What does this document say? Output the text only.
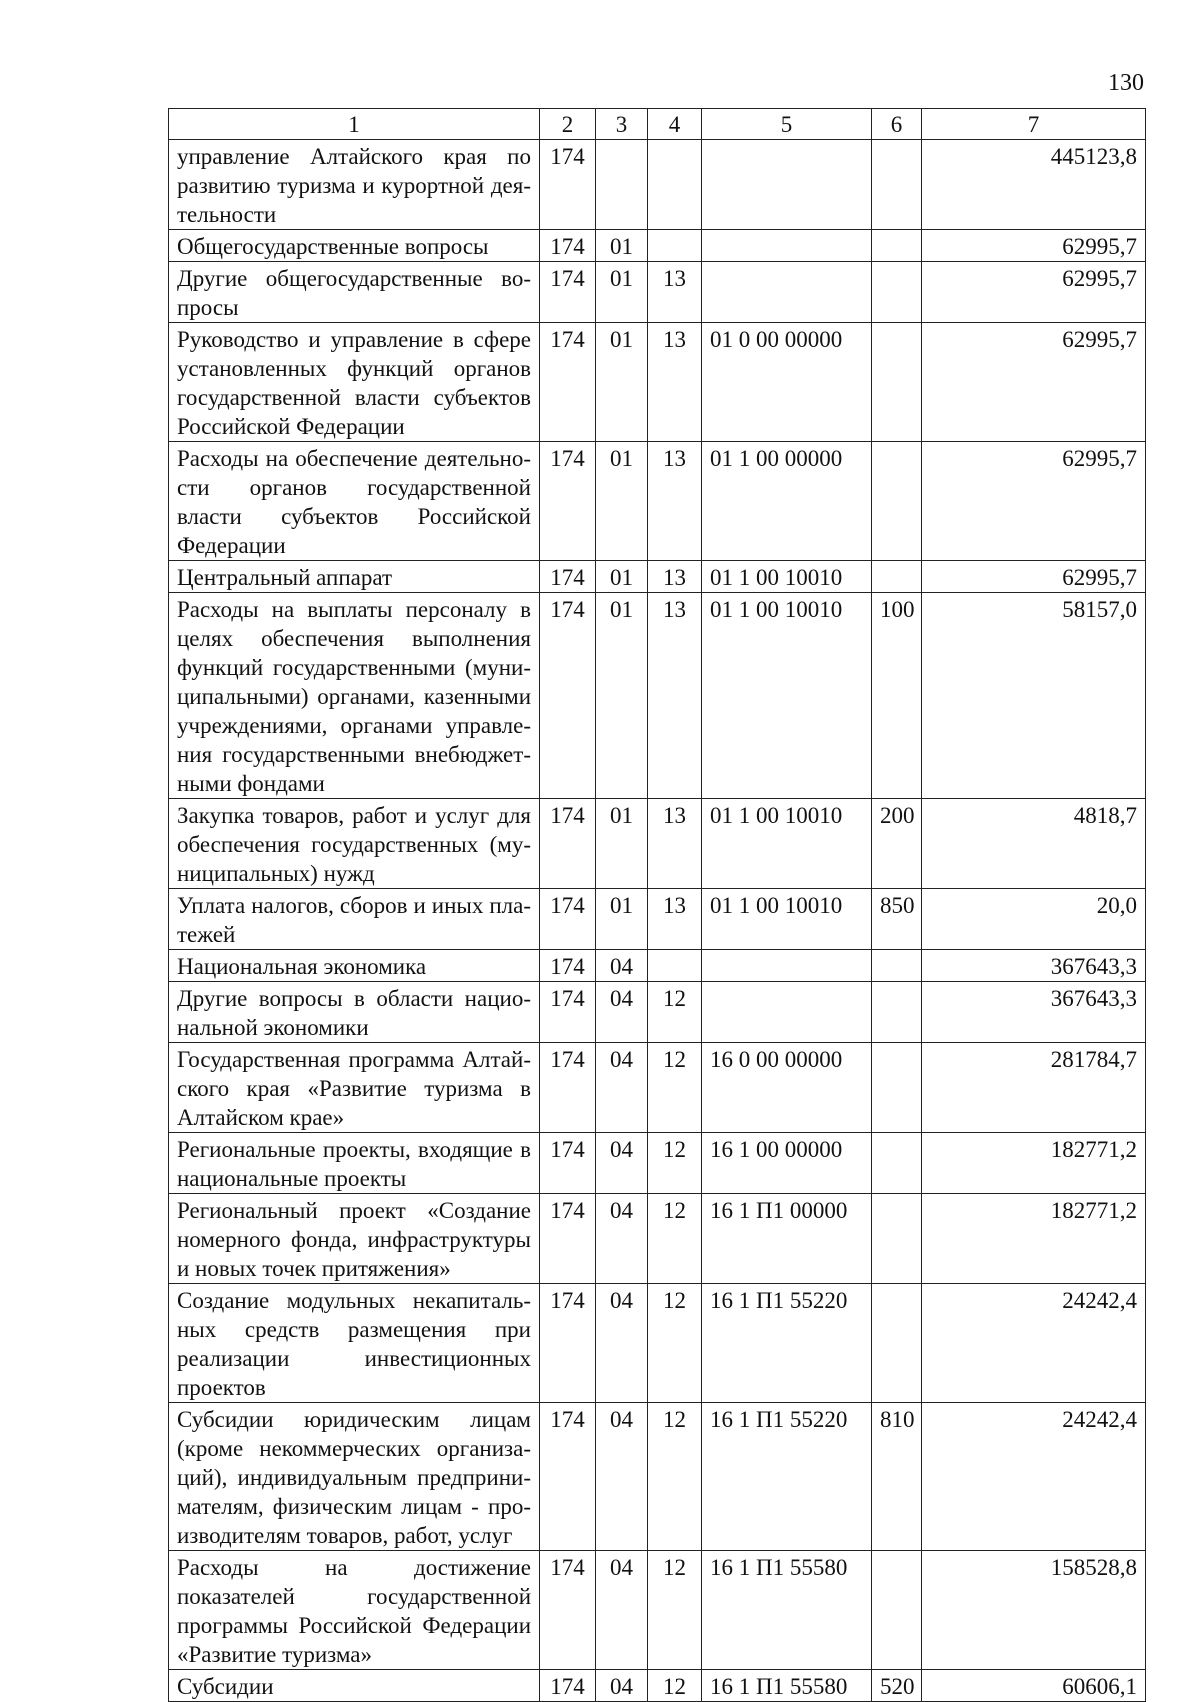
130
1	2	3	4	5	6	7
управление Алтайского края по развитию туризма и курортной деятельности	174					445123,8
Общегосударственные вопросы	174	01				62995,7
Другие общегосударственные вопросы	174	01	13			62995,7
Руководство и управление в сфере установленных функций органов государственной власти субъектов Российской Федерации	174	01	13	01 0 00 00000		62995,7
Расходы на обеспечение деятельности органов государственной власти субъектов Российской Федерации	174	01	13	01 1 00 00000		62995,7
Центральный аппарат	174	01	13	01 1 00 10010		62995,7
Расходы на выплаты персоналу в целях обеспечения выполнения функций государственными (муниципальными) органами, казенными учреждениями, органами управления государственными внебюджетными фондами	174	01	13	01 1 00 10010	100	58157,0
Закупка товаров, работ и услуг для обеспечения государственных (муниципальных) нужд	174	01	13	01 1 00 10010	200	4818,7
Уплата налогов, сборов и иных платежей	174	01	13	01 1 00 10010	850	20,0
Национальная экономика	174	04				367643,3
Другие вопросы в области национальной экономики	174	04	12			367643,3
Государственная программа Алтайского края «Развитие туризма в Алтайском крае»	174	04	12	16 0 00 00000		281784,7
Региональные проекты, входящие в национальные проекты	174	04	12	16 1 00 00000		182771,2
Региональный проект «Создание номерного фонда, инфраструктуры и новых точек притяжения»	174	04	12	16 1 П1 00000		182771,2
Создание модульных некапитальных средств размещения при реализации инвестиционных проектов	174	04	12	16 1 П1 55220		24242,4
Субсидии юридическим лицам (кроме некоммерческих организаций), индивидуальным предпринимателям, физическим лицам - производителям товаров, работ, услуг	174	04	12	16 1 П1 55220	810	24242,4
Расходы на достижение показателей государственной программы Российской Федерации «Развитие туризма»	174	04	12	16 1 П1 55580		158528,8
Субсидии	174	04	12	16 1 П1 55580	520	60606,1
